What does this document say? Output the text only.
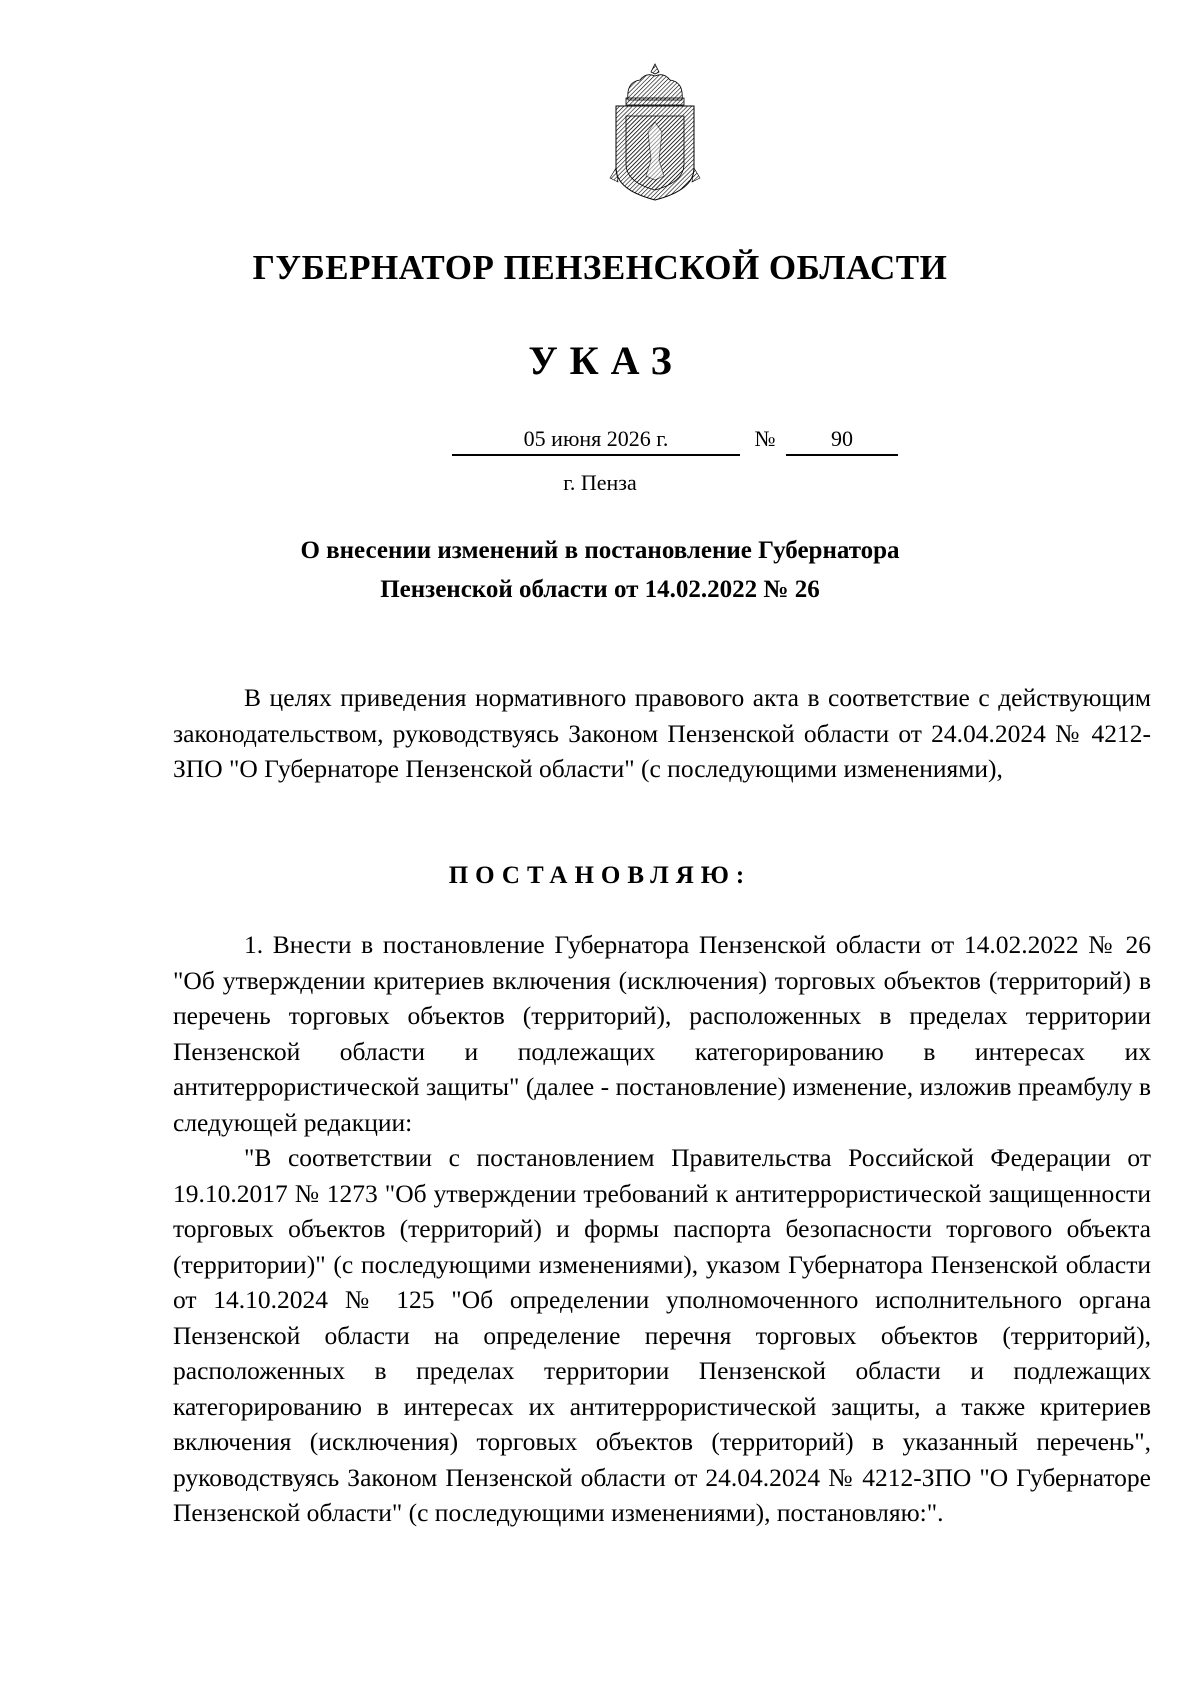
ГУБЕРНАТОР ПЕНЗЕНСКОЙ ОБЛАСТИ
УКАЗ
05 июня 2026 г.	№	90
г. Пенза
О внесении изменений в постановление Губернатора
Пензенской области от 14.02.2022 № 26

В целях приведения нормативного правового акта в соответствие с действующим законодательством, руководствуясь Законом Пензенской области от 24.04.2024 № 4212-ЗПО "О Губернаторе Пензенской области" (с последующими изменениями),

ПОСТАНОВЛЯЮ:

1. Внести в постановление Губернатора Пензенской области от 14.02.2022 № 26 "Об утверждении критериев включения (исключения) торговых объектов (территорий) в перечень торговых объектов (территорий), расположенных в пределах территории Пензенской области и подлежащих категорированию в интересах их антитеррористической защиты" (далее - постановление) изменение, изложив преамбулу в следующей редакции:

"В соответствии с постановлением Правительства Российской Федерации от 19.10.2017 № 1273 "Об утверждении требований к антитеррористической защищенности торговых объектов (территорий) и формы паспорта безопасности торгового объекта (территории)" (с последующими изменениями), указом Губернатора Пензенской области от 14.10.2024 № 125 "Об определении уполномоченного исполнительного органа Пензенской области на определение перечня торговых объектов (территорий), расположенных в пределах территории Пензенской области и подлежащих категорированию в интересах их антитеррористической защиты, а также критериев включения (исключения) торговых объектов (территорий) в указанный перечень", руководствуясь Законом Пензенской области от 24.04.2024 № 4212-ЗПО "О Губернаторе Пензенской области" (с последующими изменениями), постановляю:".
